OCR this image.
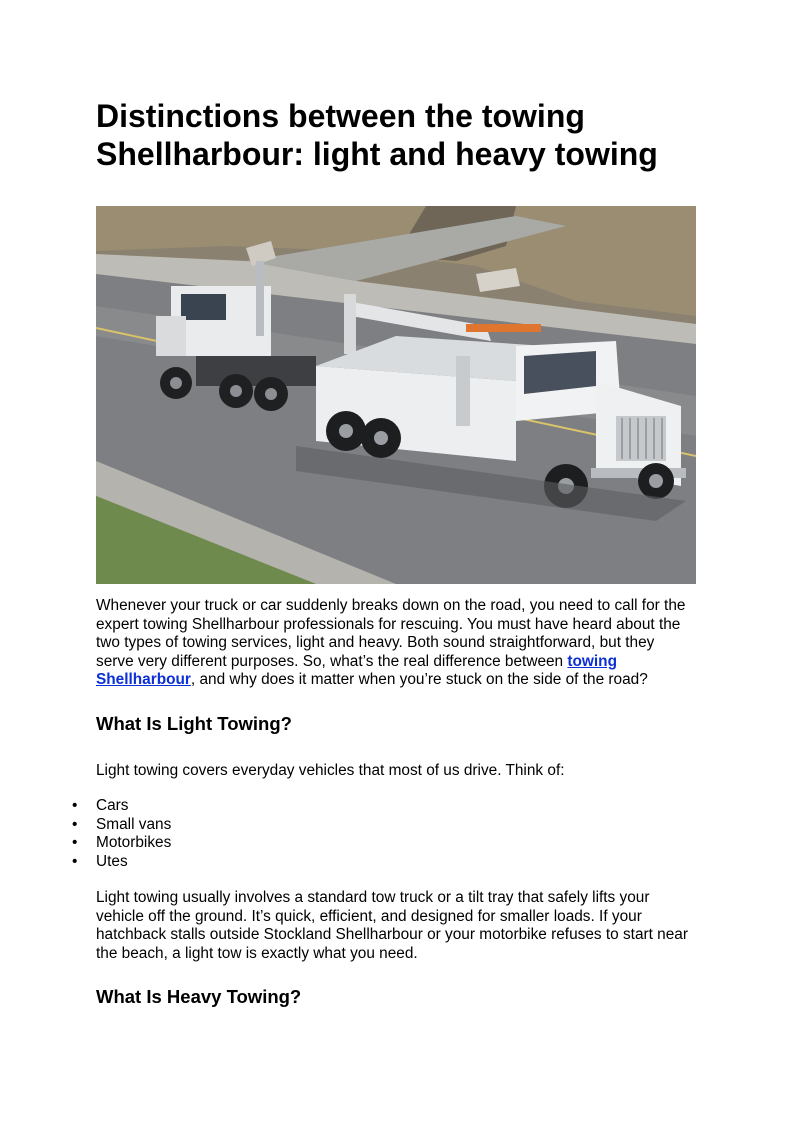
Distinctions between the towing Shellharbour: light and heavy towing

Whenever your truck or car suddenly breaks down on the road, you need to call for the expert towing Shellharbour professionals for rescuing. You must have heard about the two types of towing services, light and heavy. Both sound straightforward, but they serve very different purposes. So, what’s the real difference between towing Shellharbour, and why does it matter when you’re stuck on the side of the road?

What Is Light Towing?

Light towing covers everyday vehicles that most of us drive. Think of:

• Cars
• Small vans
• Motorbikes
• Utes

Light towing usually involves a standard tow truck or a tilt tray that safely lifts your vehicle off the ground. It’s quick, efficient, and designed for smaller loads. If your hatchback stalls outside Stockland Shellharbour or your motorbike refuses to start near the beach, a light tow is exactly what you need.

What Is Heavy Towing?
